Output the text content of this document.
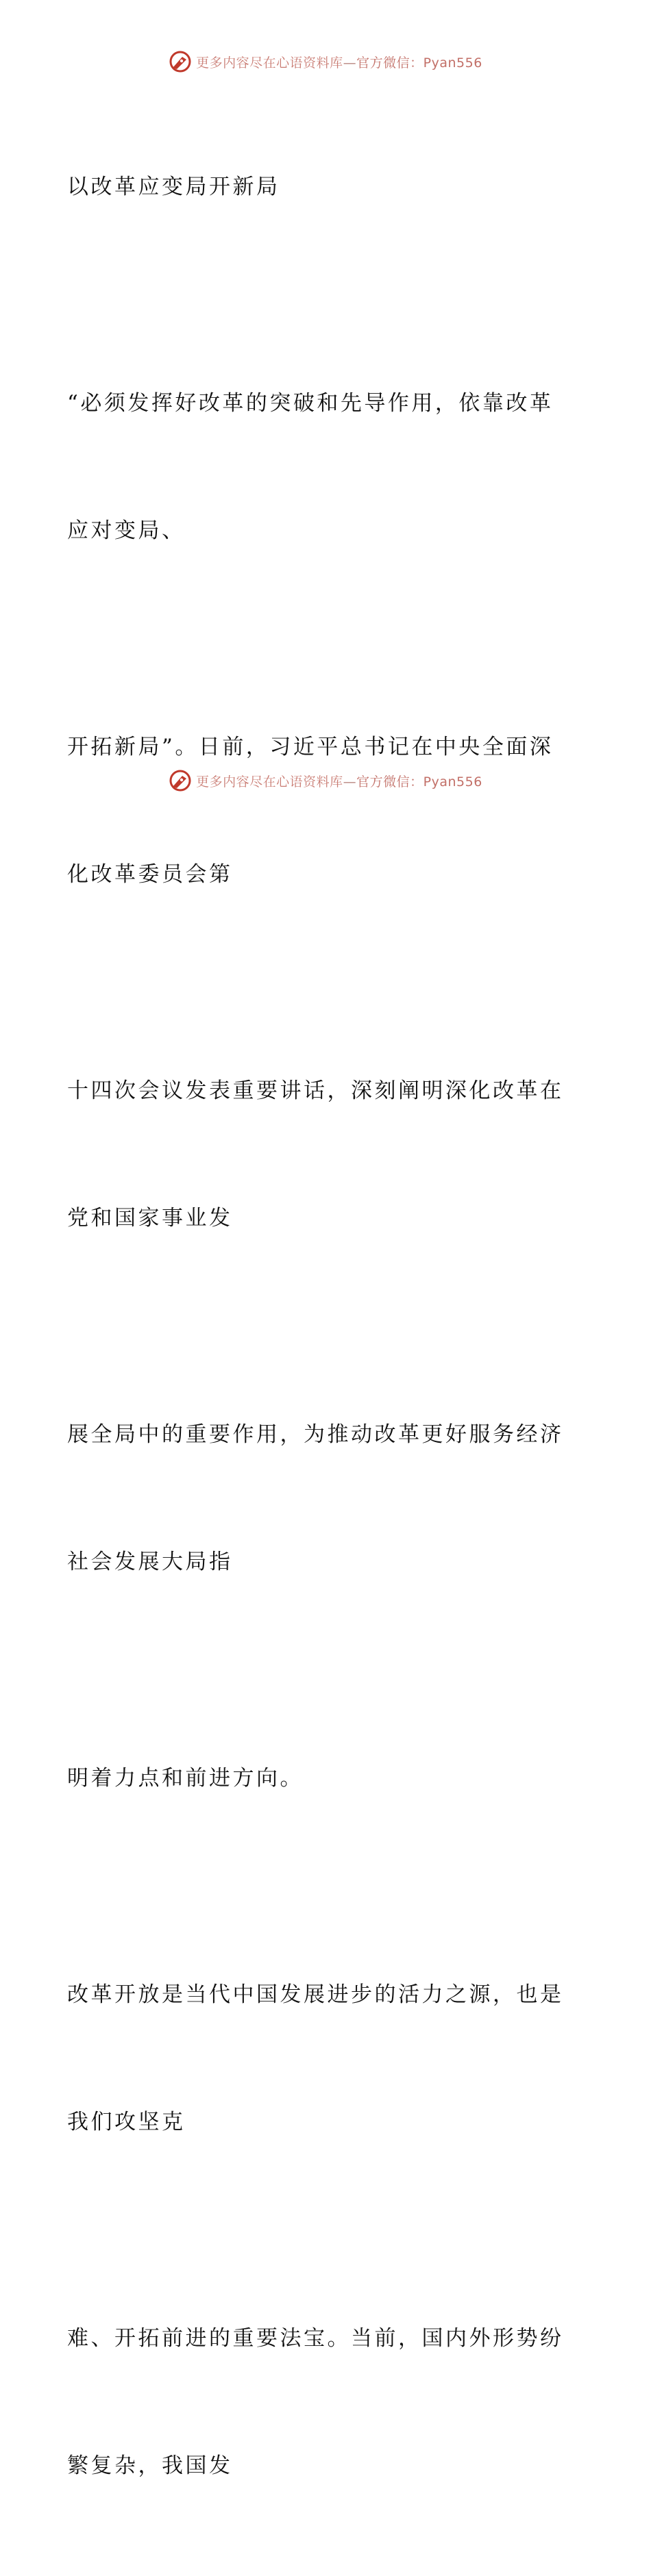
更多内容尽在心语资料库—官方微信：Pyan556

以改革应变局开新局

“必须发挥好改革的突破和先导作用，依靠改革

应对变局、

开拓新局”。日前，习近平总书记在中央全面深

化改革委员会第

十四次会议发表重要讲话，深刻阐明深化改革在

党和国家事业发

展全局中的重要作用，为推动改革更好服务经济

社会发展大局指

明着力点和前进方向。

改革开放是当代中国发展进步的活力之源，也是

我们攻坚克

难、开拓前进的重要法宝。当前，国内外形势纷

繁复杂，我国发

更多内容尽在心语资料库—官方微信：Pyan556
